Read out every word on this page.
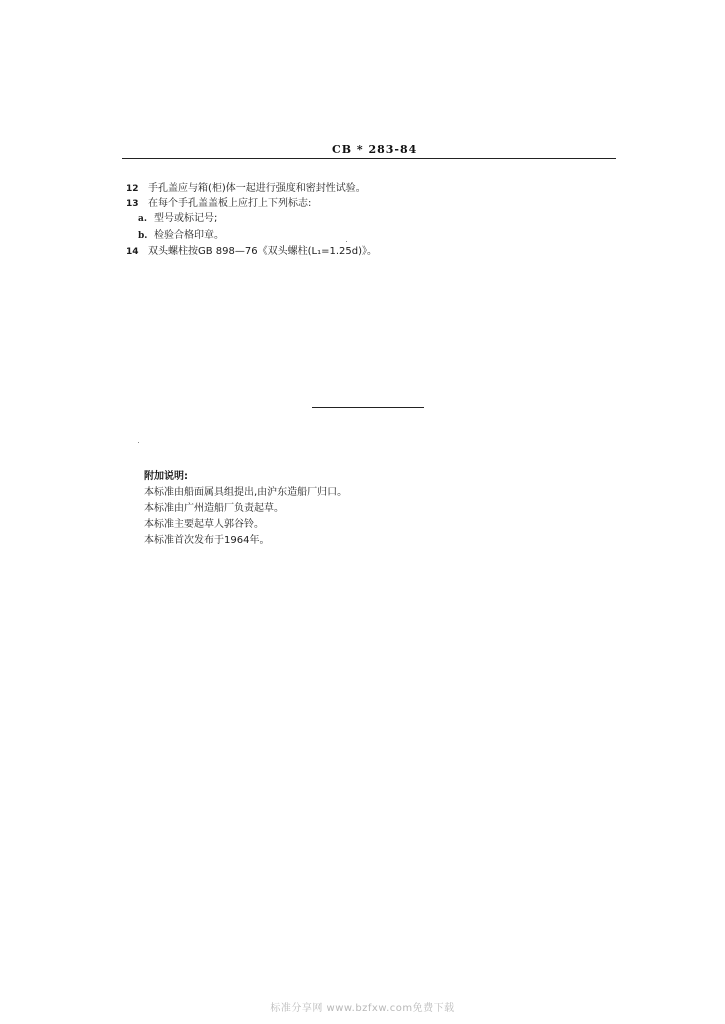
CB * 283-84
12 手孔盖应与箱(柜)体一起进行强度和密封性试验。
13 在每个手孔盖盖板上应打上下列标志:
a. 型号或标记号;
b. 检验合格印章。
14 双头螺柱按GB 898—76《双头螺柱(L₁=1.25d)》。
附加说明:
本标准由船面属具组提出,由沪东造船厂归口。
本标准由广州造船厂负责起草。
本标准主要起草人郭谷铃。
本标准首次发布于1964年。
标准分享网 www.bzfxw.com免费下载
